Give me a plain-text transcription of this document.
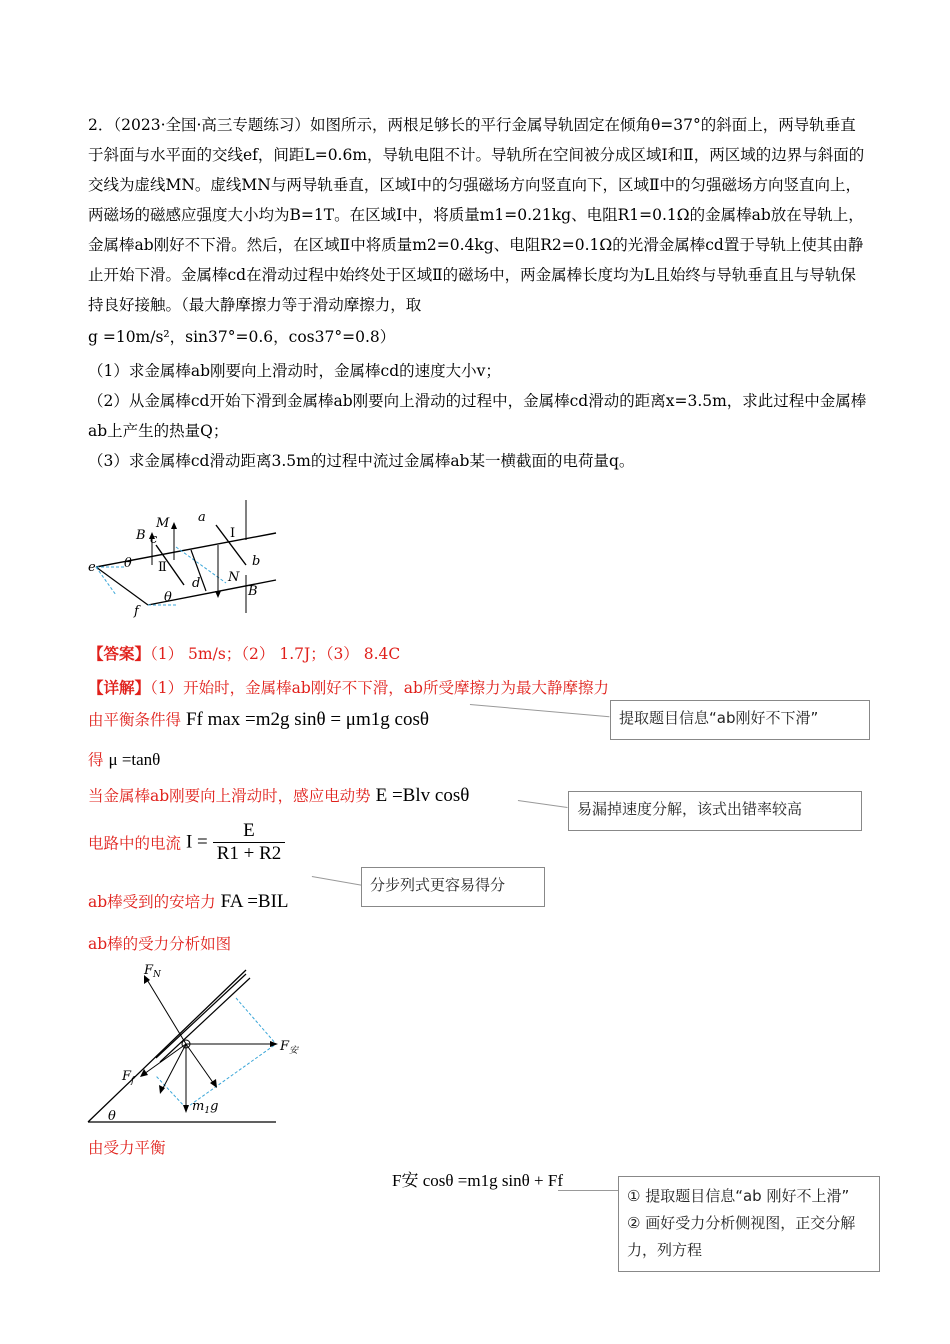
2．（2023·全国·高三专题练习）如图所示，两根足够长的平行金属导轨固定在倾角θ=37°的斜面上，两导轨垂直于斜面与水平面的交线ef，间距L=0.6m，导轨电阻不计。导轨所在空间被分成区域Ⅰ和Ⅱ，两区域的边界与斜面的交线为虚线MN。虚线MN与两导轨垂直，区域Ⅰ中的匀强磁场方向竖直向下，区域Ⅱ中的匀强磁场方向竖直向上，两磁场的磁感应强度大小均为B=1T。在区域Ⅰ中，将质量m1=0.21kg、电阻R1=0.1Ω的金属棒ab放在导轨上，金属棒ab刚好不下滑。然后，在区域Ⅱ中将质量m2=0.4kg、电阻R2=0.1Ω的光滑金属棒cd置于导轨上使其由静止开始下滑。金属棒cd在滑动过程中始终处于区域Ⅱ的磁场中，两金属棒长度均为L且始终与导轨垂直且与导轨保持良好接触。（最大静摩擦力等于滑动摩擦力，取

g =10m/s²，sin37°=0.6，cos37°=0.8）

（1）求金属棒ab刚要向上滑动时，金属棒cd的速度大小v；

（2）从金属棒cd开始下滑到金属棒ab刚要向上滑动的过程中，金属棒cd滑动的距离x=3.5m，求此过程中金属棒ab上产生的热量Q；

（3）求金属棒cd滑动距离3.5m的过程中流过金属棒ab某一横截面的电荷量q。

e
f
a
b
c
d
M
N
B
B
θ
θ
Ⅰ
Ⅱ
【答案】（1） 5m/s；（2） 1.7J；（3） 8.4C
【详解】（1）开始时，金属棒ab刚好不下滑，ab所受摩擦力为最大静摩擦力
由平衡条件得 Ff max =m2g sinθ = μm1g cosθ
得 μ =tanθ
当金属棒ab刚要向上滑动时，感应电动势 E =Blv cosθ
电路中的电流 $I = \frac{E}{R1 + R2}$
ab棒受到的安培力 FA =BIL
ab棒的受力分析如图
$F_N$
$F_安$
$F_f$
$m_1g$
θ
由受力平衡
F安 cosθ =m1g sinθ + Ff
提取题目信息“ab刚好不下滑”
易漏掉速度分解，该式出错率较高
分步列式更容易得分
① 提取题目信息“ab 刚好不上滑”
② 画好受力分析侧视图，正交分解力，列方程
